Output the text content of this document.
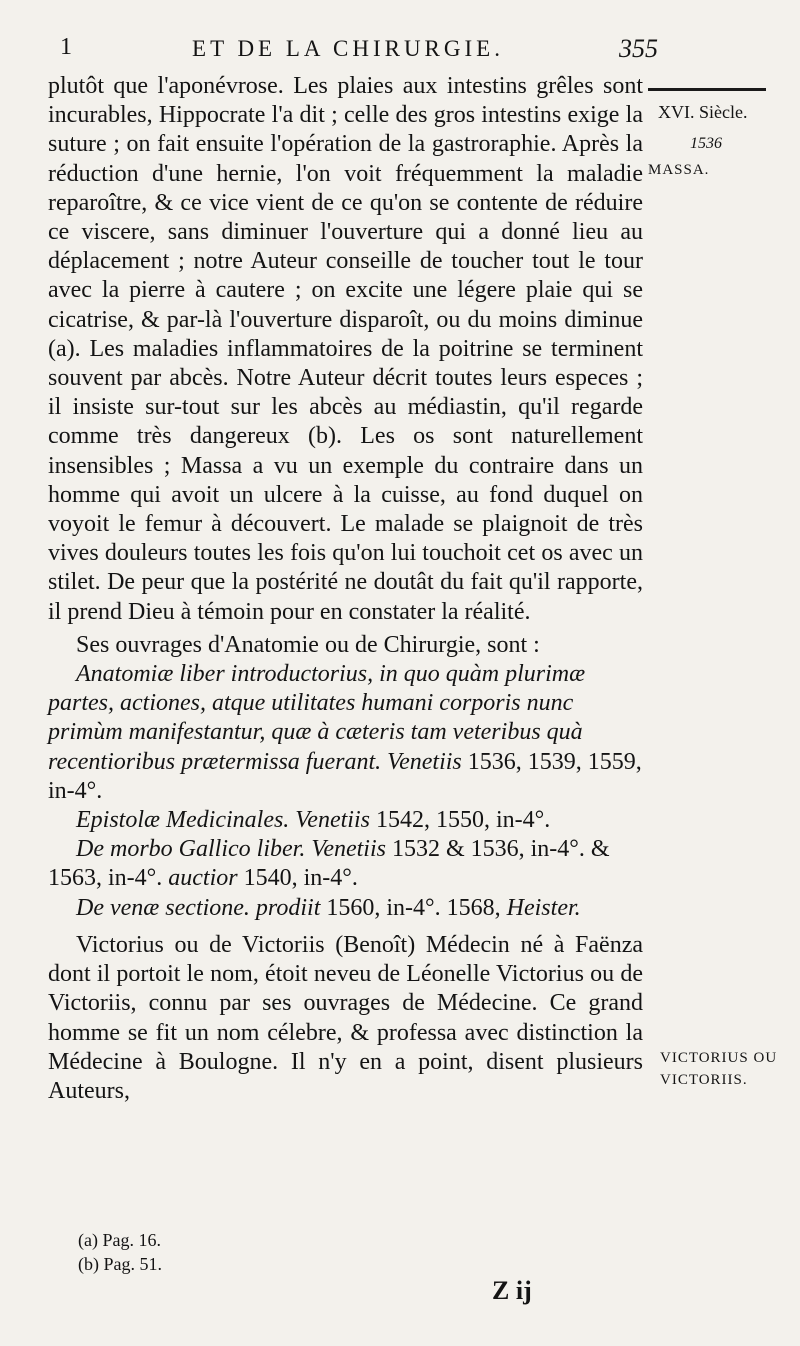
1	ET DE LA CHIRURGIE.	355
XVI. Siècle.
1536
MASSA.
VICTORIUS OU VICTORIIS.

plutôt que l'aponévrose. Les plaies aux intestins grêles sont incurables, Hippocrate l'a dit ; celle des gros intestins exige la suture ; on fait ensuite l'opération de la gastroraphie. Après la réduction d'une hernie, l'on voit fréquemment la maladie reparoître, & ce vice vient de ce qu'on se contente de réduire ce viscere, sans diminuer l'ouverture qui a donné lieu au déplacement ; notre Auteur conseille de toucher tout le tour avec la pierre à cautere ; on excite une légere plaie qui se cicatrise, & par-là l'ouverture disparoît, ou du moins diminue (a). Les maladies inflammatoires de la poitrine se terminent souvent par abcès. Notre Auteur décrit toutes leurs especes ; il insiste sur-tout sur les abcès au médiastin, qu'il regarde comme très dangereux (b). Les os sont naturellement insensibles ; Massa a vu un exemple du contraire dans un homme qui avoit un ulcere à la cuisse, au fond duquel on voyoit le femur à découvert. Le malade se plaignoit de très vives douleurs toutes les fois qu'on lui touchoit cet os avec un stilet. De peur que la postérité ne doutât du fait qu'il rapporte, il prend Dieu à témoin pour en constater la réalité.

Ses ouvrages d'Anatomie ou de Chirurgie, sont :

Anatomiæ liber introductorius, in quo quàm plurimæ partes, actiones, atque utilitates humani corporis nunc primùm manifestantur, quæ à cæteris tam veteribus quà recentioribus prætermissa fuerant. Venetiis 1536, 1539, 1559, in-4°.

Epistolæ Medicinales. Venetiis 1542, 1550, in-4°.

De morbo Gallico liber. Venetiis 1532 & 1536, in-4°. & 1563, in-4°. auctior 1540, in-4°.

De venæ sectione. prodiit 1560, in-4°. 1568, Heister.

Victorius ou de Victoriis (Benoît) Médecin né à Faënza dont il portoit le nom, étoit neveu de Léonelle Victorius ou de Victoriis, connu par ses ouvrages de Médecine. Ce grand homme se fit un nom célebre, & professa avec distinction la Médecine à Boulogne. Il n'y en a point, disent plusieurs Auteurs,

(a) Pag. 16.
(b) Pag. 51.
Z ij
